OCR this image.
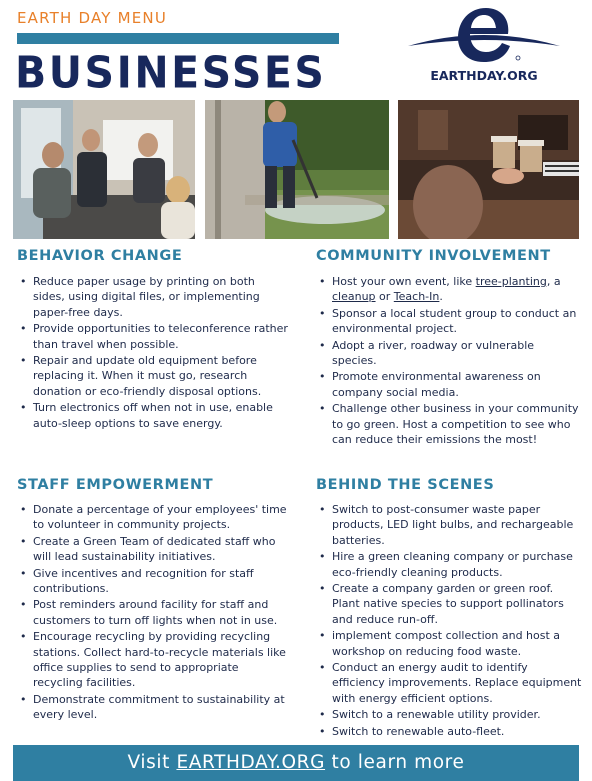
EARTH DAY MENU
BUSINESSES	EARTHDAY.ORG
BEHAVIOR CHANGE
• Reduce paper usage by printing on both sides, using digital files, or implementing paper-free days.
• Provide opportunities to teleconference rather than travel when possible.
• Repair and update old equipment before replacing it. When it must go, research donation or eco-friendly disposal options.
• Turn electronics off when not in use, enable auto-sleep options to save energy.
COMMUNITY INVOLVEMENT
• Host your own event, like tree-planting, a cleanup or Teach-In.
• Sponsor a local student group to conduct an environmental project.
• Adopt a river, roadway or vulnerable species.
• Promote environmental awareness on company social media.
• Challenge other business in your community to go green. Host a competition to see who can reduce their emissions the most!
STAFF EMPOWERMENT
• Donate a percentage of your employees' time to volunteer in community projects.
• Create a Green Team of dedicated staff who will lead sustainability initiatives.
• Give incentives and recognition for staff contributions.
• Post reminders around facility for staff and customers to turn off lights when not in use.
• Encourage recycling by providing recycling stations. Collect hard-to-recycle materials like office supplies to send to appropriate recycling facilities.
• Demonstrate commitment to sustainability at every level.
BEHIND THE SCENES
• Switch to post-consumer waste paper products, LED light bulbs, and rechargeable batteries.
• Hire a green cleaning company or purchase eco-friendly cleaning products.
• Create a company garden or green roof. Plant native species to support pollinators and reduce run-off.
• implement compost collection and host a workshop on reducing food waste.
• Conduct an energy audit to identify efficiency improvements. Replace equipment with energy efficient options.
• Switch to a renewable utility provider.
• Switch to renewable auto-fleet.
Visit EARTHDAY.ORG to learn more
